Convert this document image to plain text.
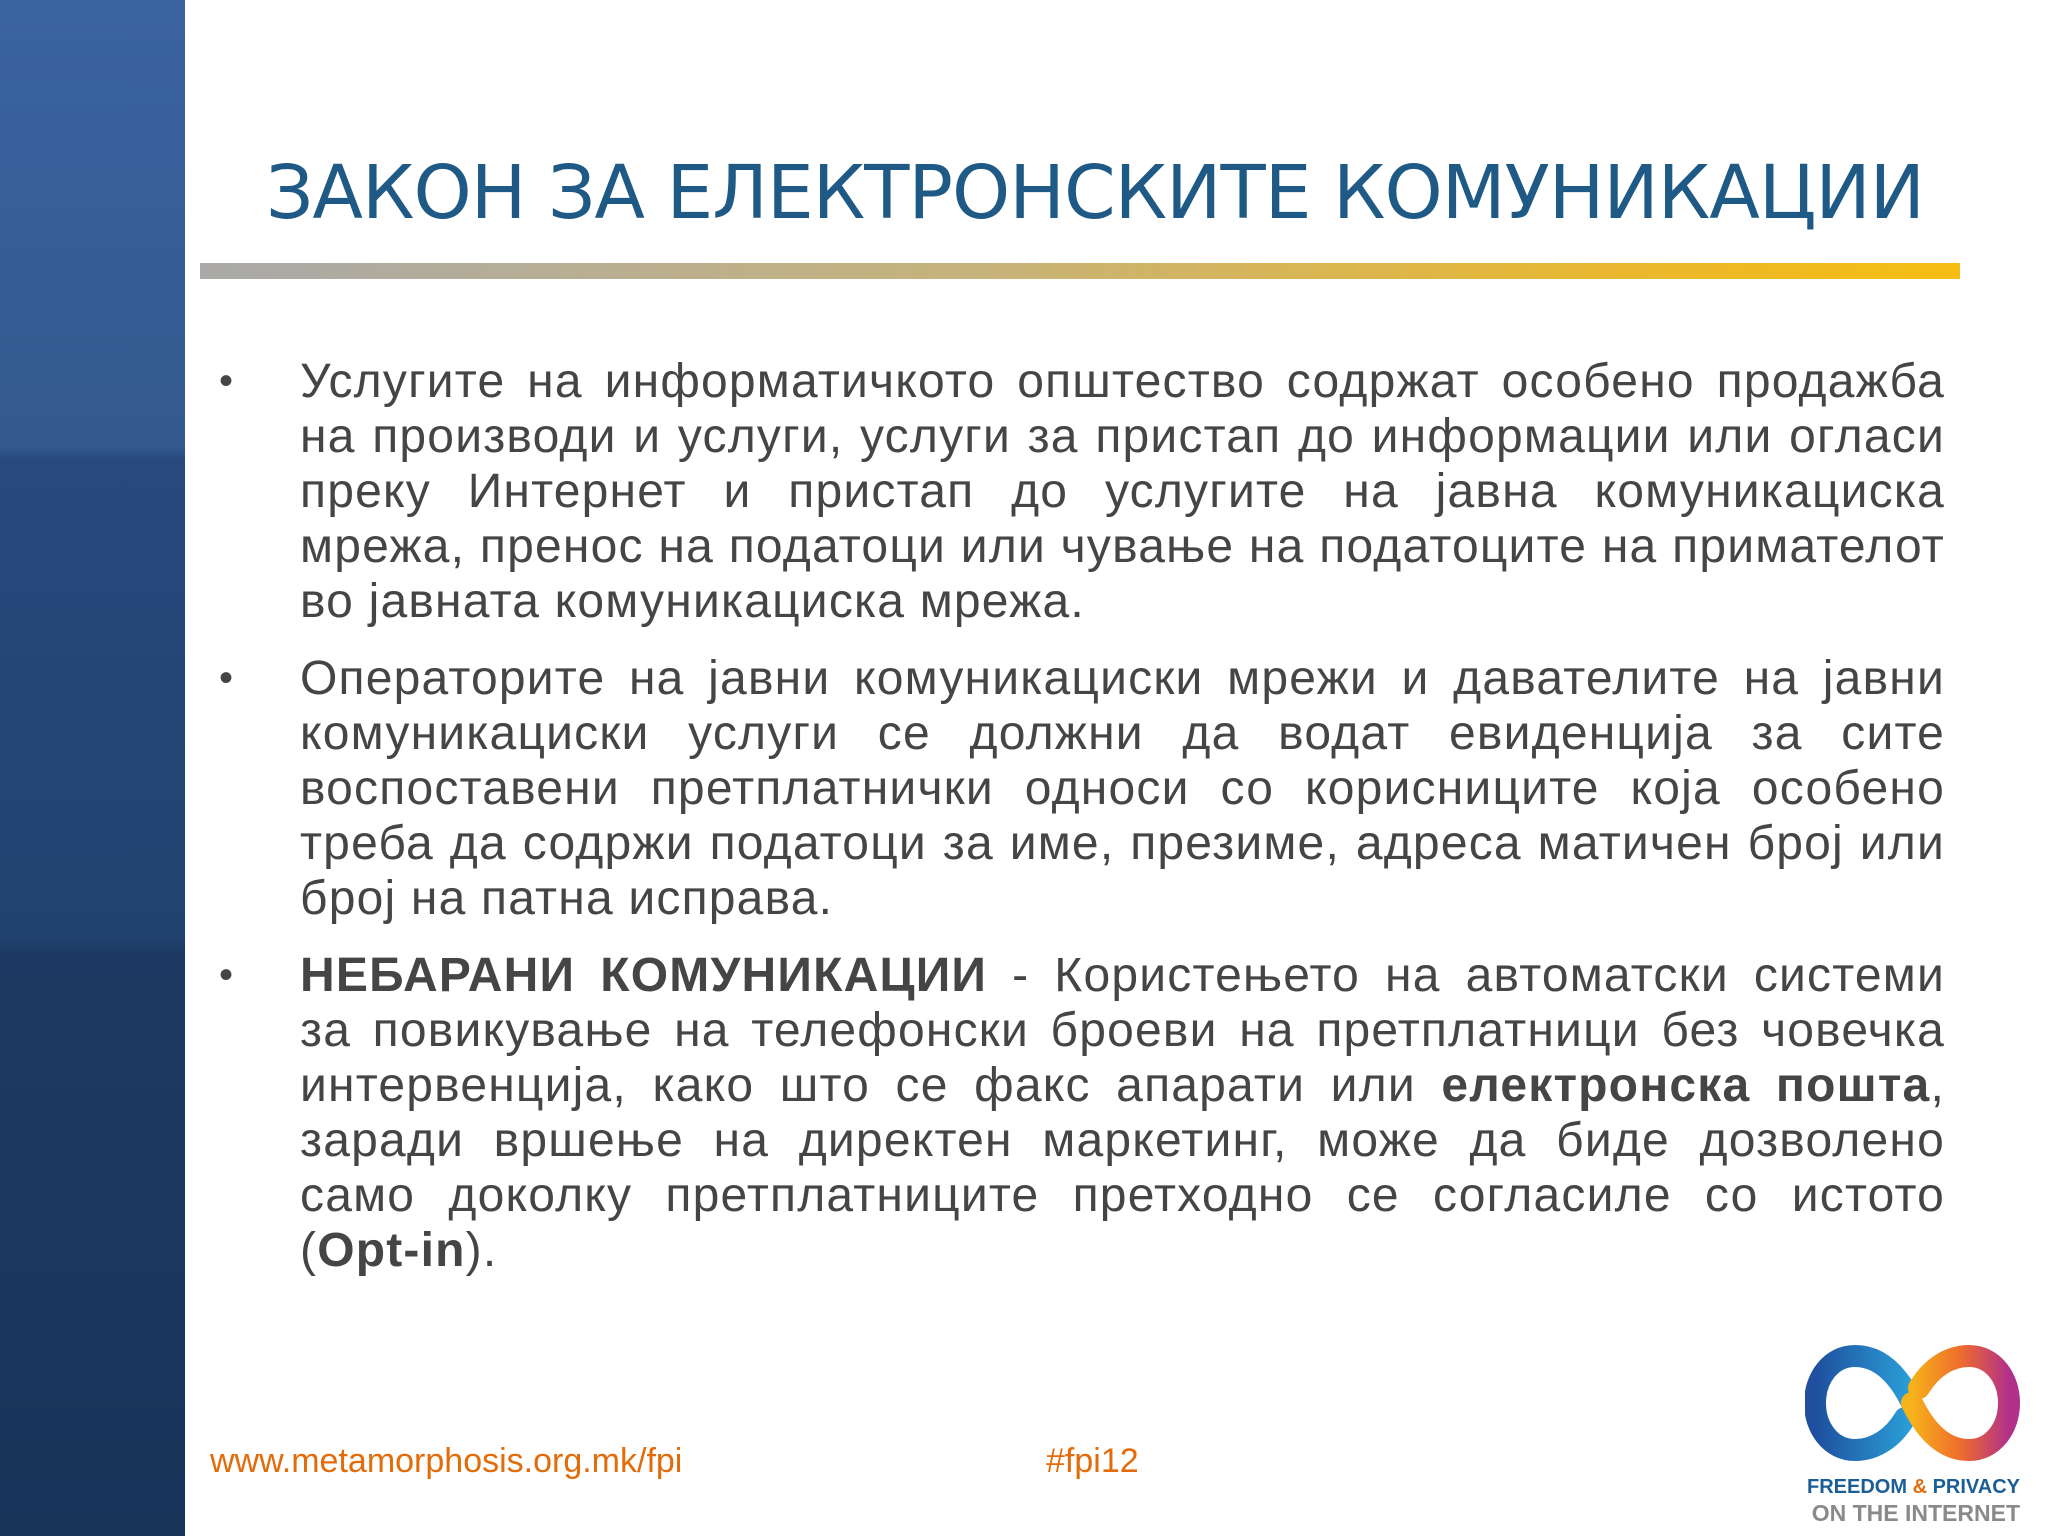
ЗАКОН ЗА ЕЛЕКТРОНСКИТЕ КОМУНИКАЦИИ
• Услугите на информатичкото општество содржат особено продажба на производи и услуги, услуги за пристап до информации или огласи преку Интернет и пристап до услугите на јавна комуникациска мрежа, пренос на податоци или чување на податоците на примателот во јавната комуникациска мрежа.
• Операторите на јавни комуникациски мрежи и давателите на јавни комуникациски услуги се должни да водат евиденција за сите воспоставени претплатнички односи со корисниците која особено треба да содржи податоци за име, презиме, адреса матичен број или број на патна исправа.
• НЕБАРАНИ КОМУНИКАЦИИ - Користењето на автоматски системи за повикување на телефонски броеви на претплатници без човечка интервенција, како што се факс апарати или електронска пошта, заради вршење на директен маркетинг, може да биде дозволено само доколку претплатниците претходно се согласиле со истото (Opt-in).
www.metamorphosis.org.mk/fpi	#fpi12
FREEDOM & PRIVACY
ON THE INTERNET
